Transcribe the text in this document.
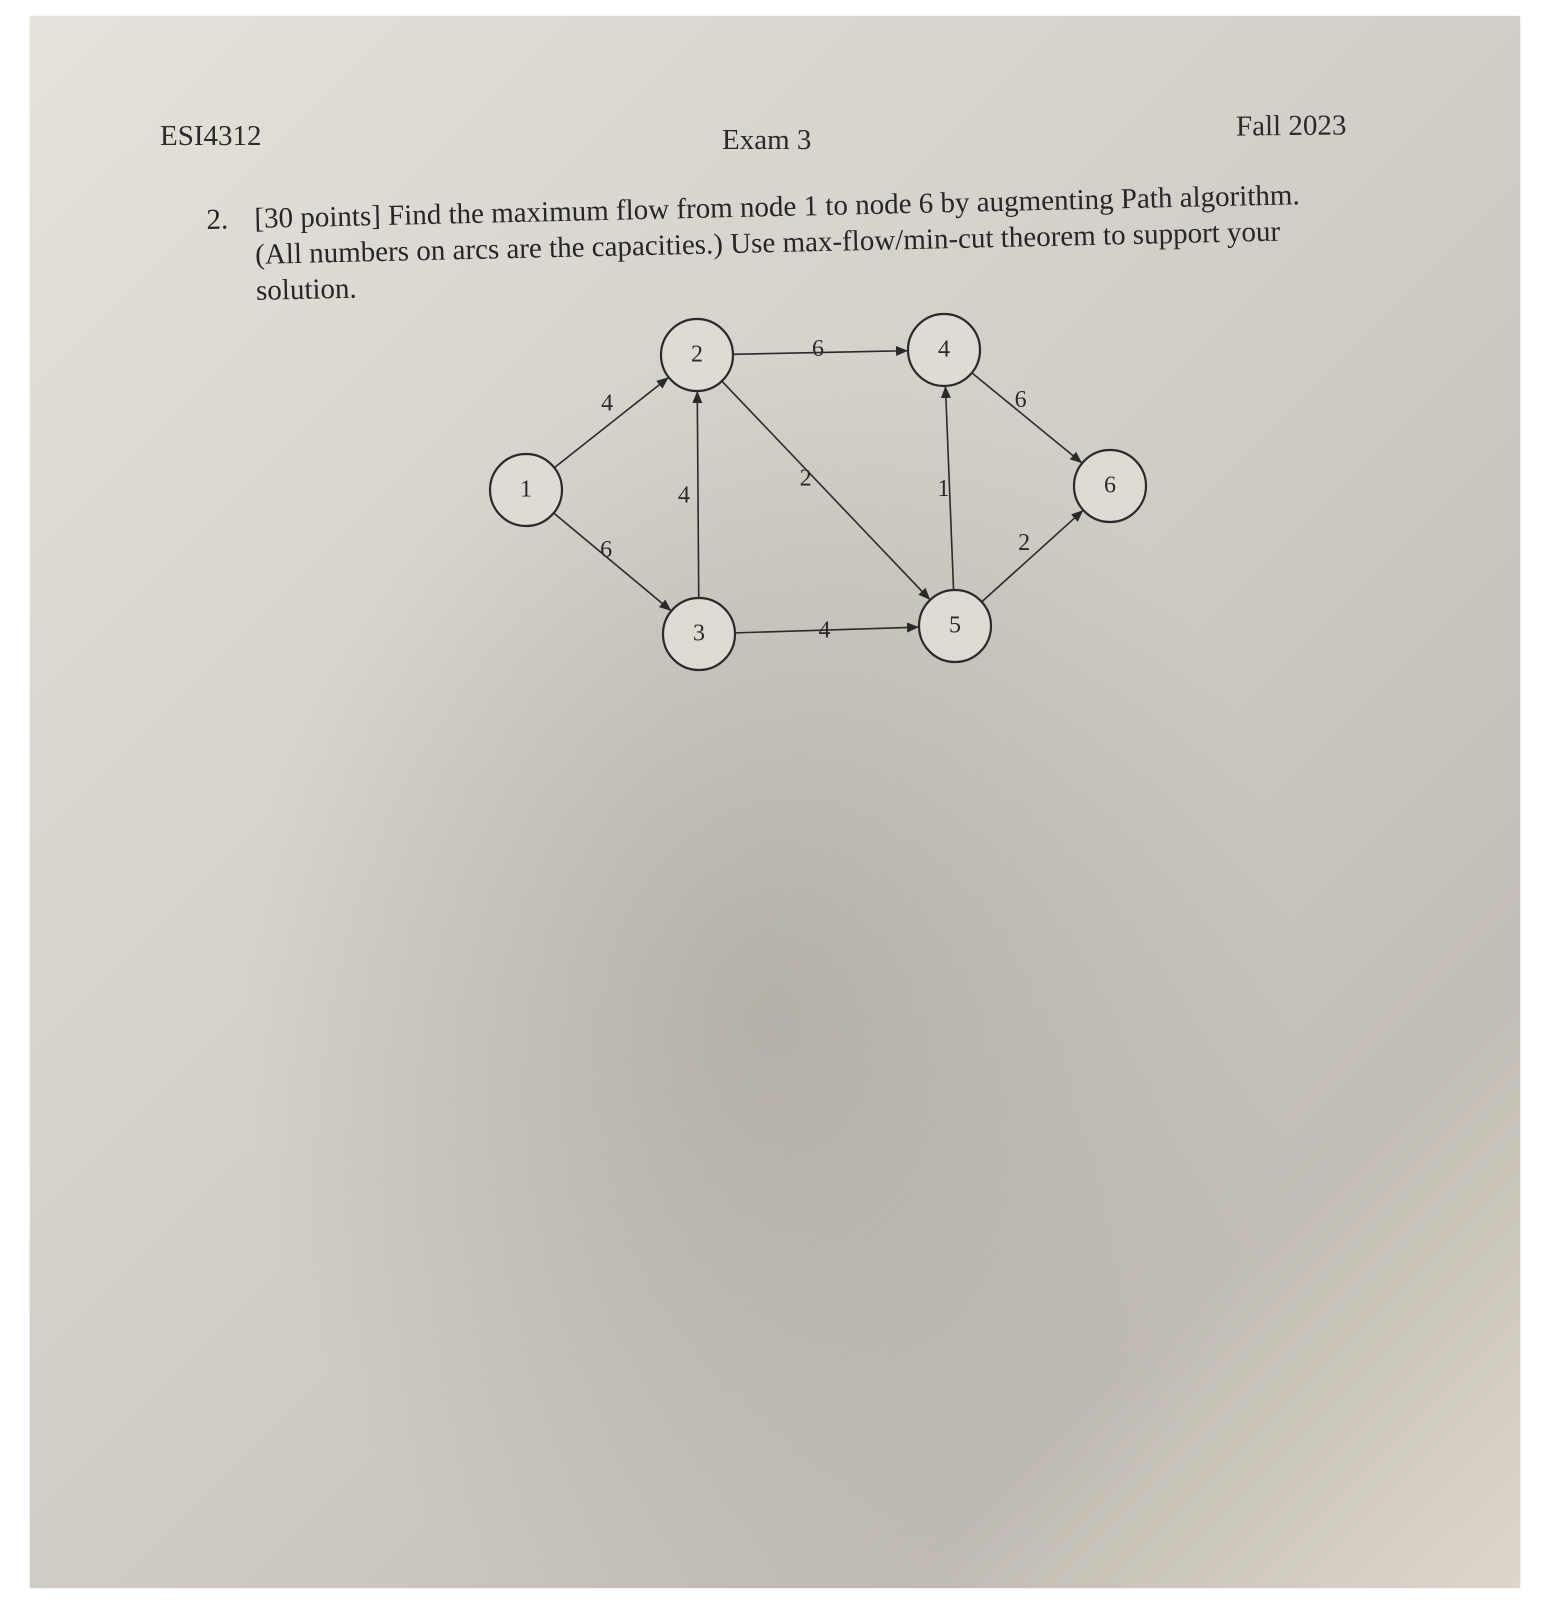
ESI4312	Exam 3	Fall 2023
2. [30 points] Find the maximum flow from node 1 to node 6 by augmenting Path algorithm. (All numbers on arcs are the capacities.) Use max-flow/min-cut theorem to support your solution.
4
6
4
6
2
4
1
6
2
1
2
3
4
5
6
